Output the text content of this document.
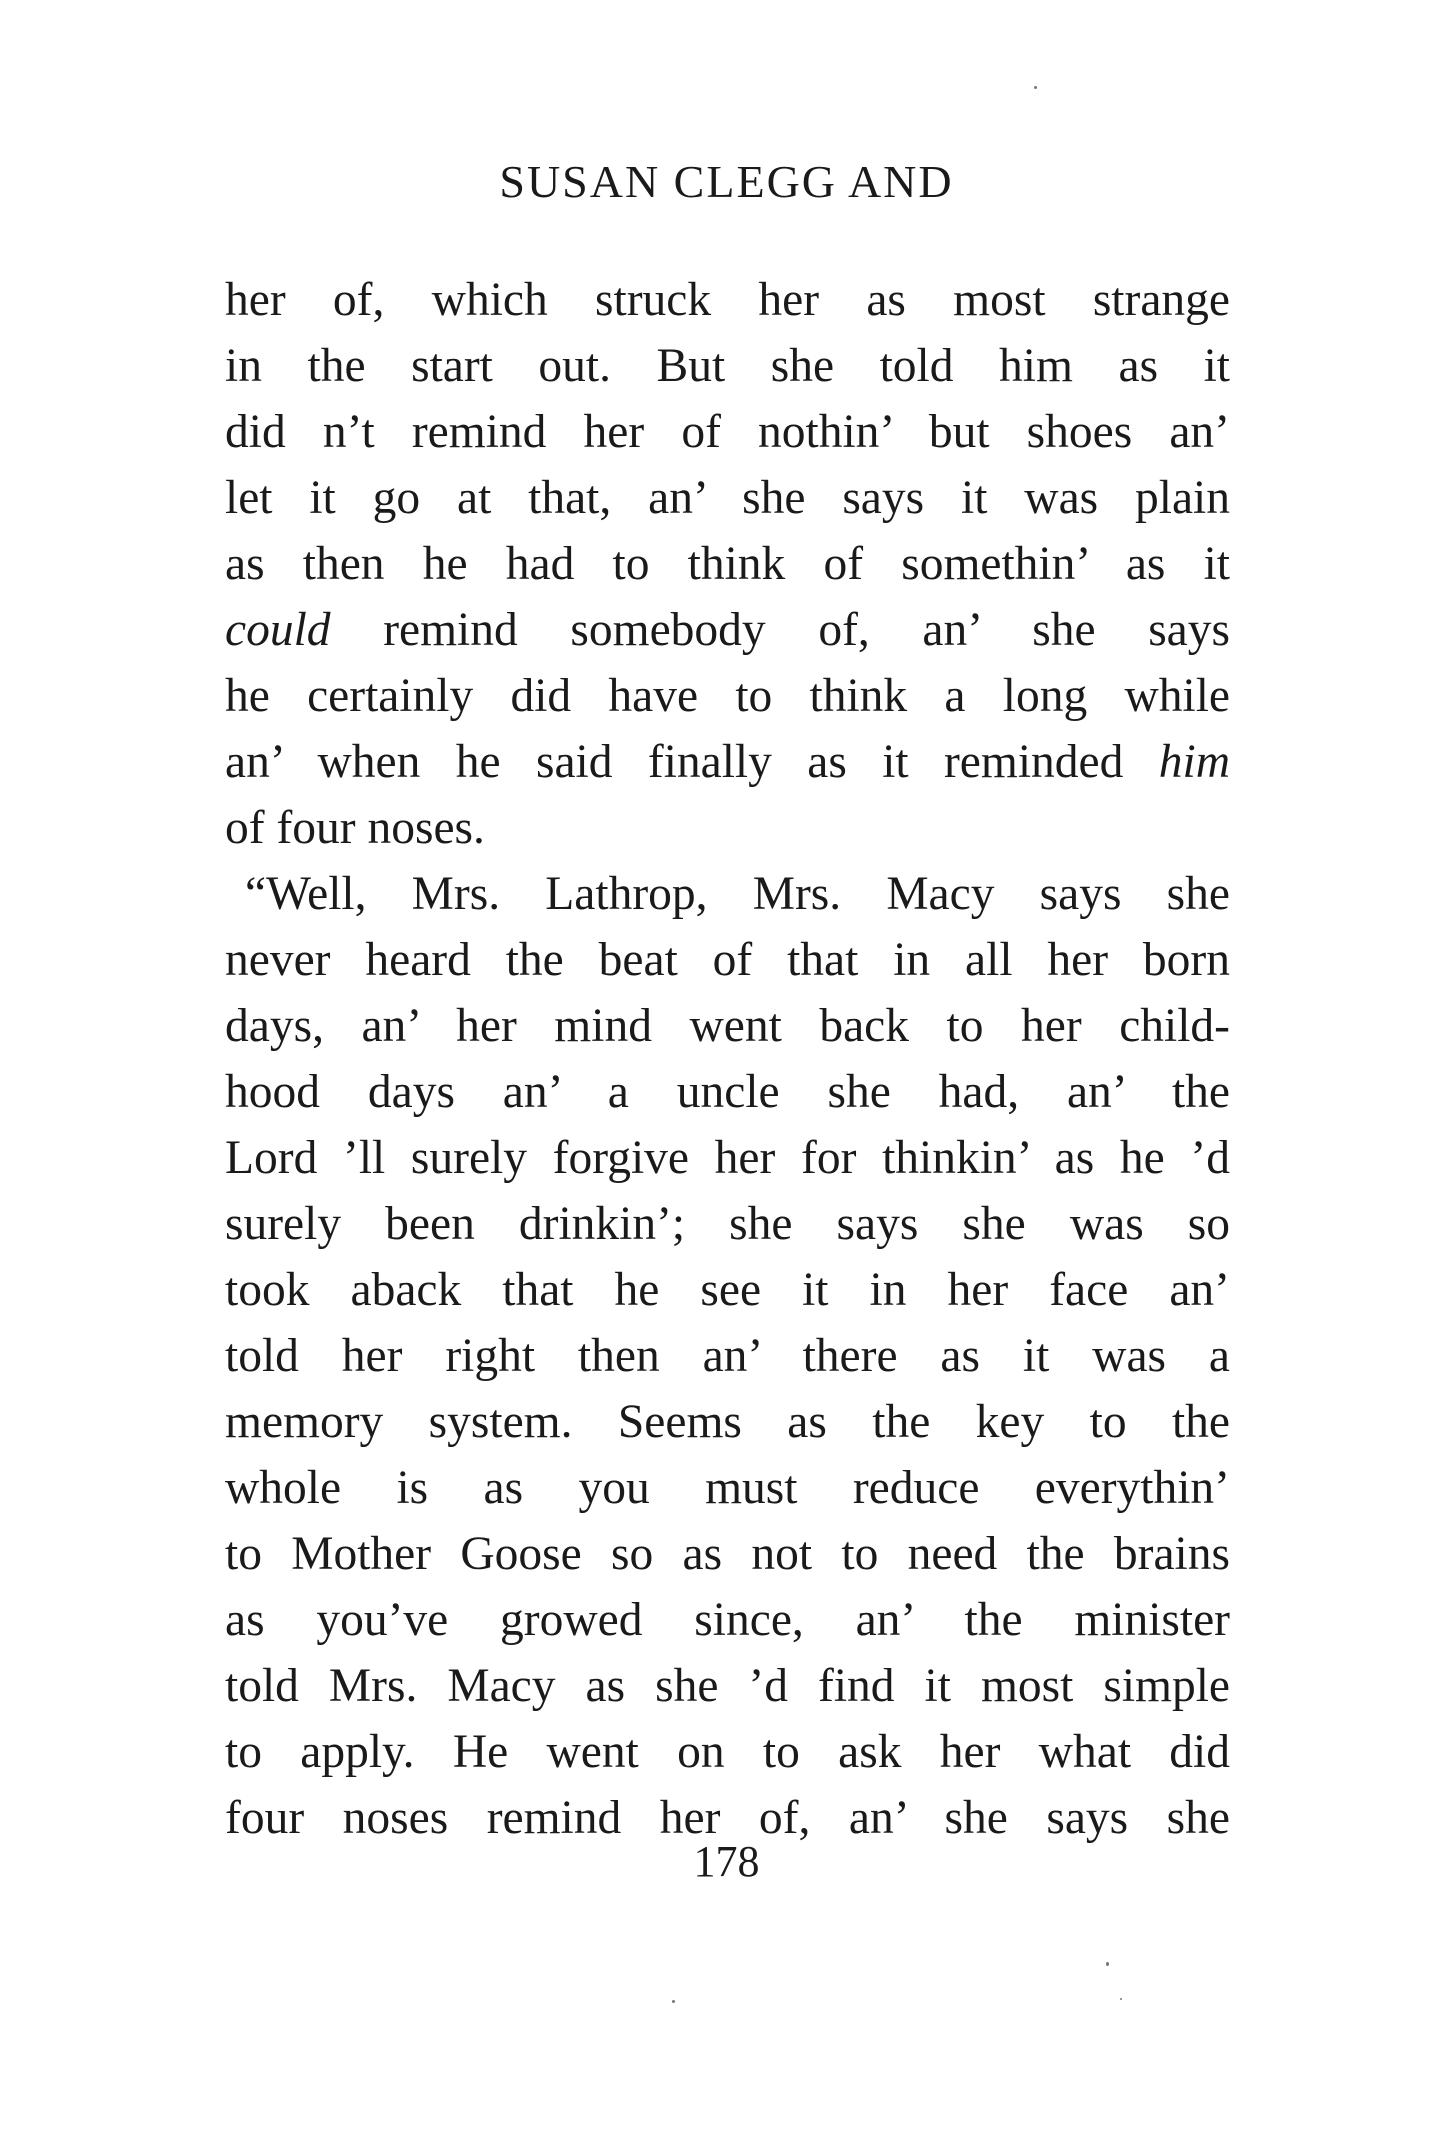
SUSAN CLEGG AND
her of, which struck her as most strange
in the start out. But she told him as it
did n’t remind her of nothin’ but shoes an’
let it go at that, an’ she says it was plain
as then he had to think of somethin’ as it
could remind somebody of, an’ she says
he certainly did have to think a long while
an’ when he said finally as it reminded him
of four noses.
“Well, Mrs. Lathrop, Mrs. Macy says she
never heard the beat of that in all her born
days, an’ her mind went back to her child-
hood days an’ a uncle she had, an’ the
Lord ’ll surely forgive her for thinkin’ as he ’d
surely been drinkin’; she says she was so
took aback that he see it in her face an’
told her right then an’ there as it was a
memory system. Seems as the key to the
whole is as you must reduce everythin’
to Mother Goose so as not to need the brains
as you’ve growed since, an’ the minister
told Mrs. Macy as she ’d find it most simple
to apply. He went on to ask her what did
four noses remind her of, an’ she says she
178
